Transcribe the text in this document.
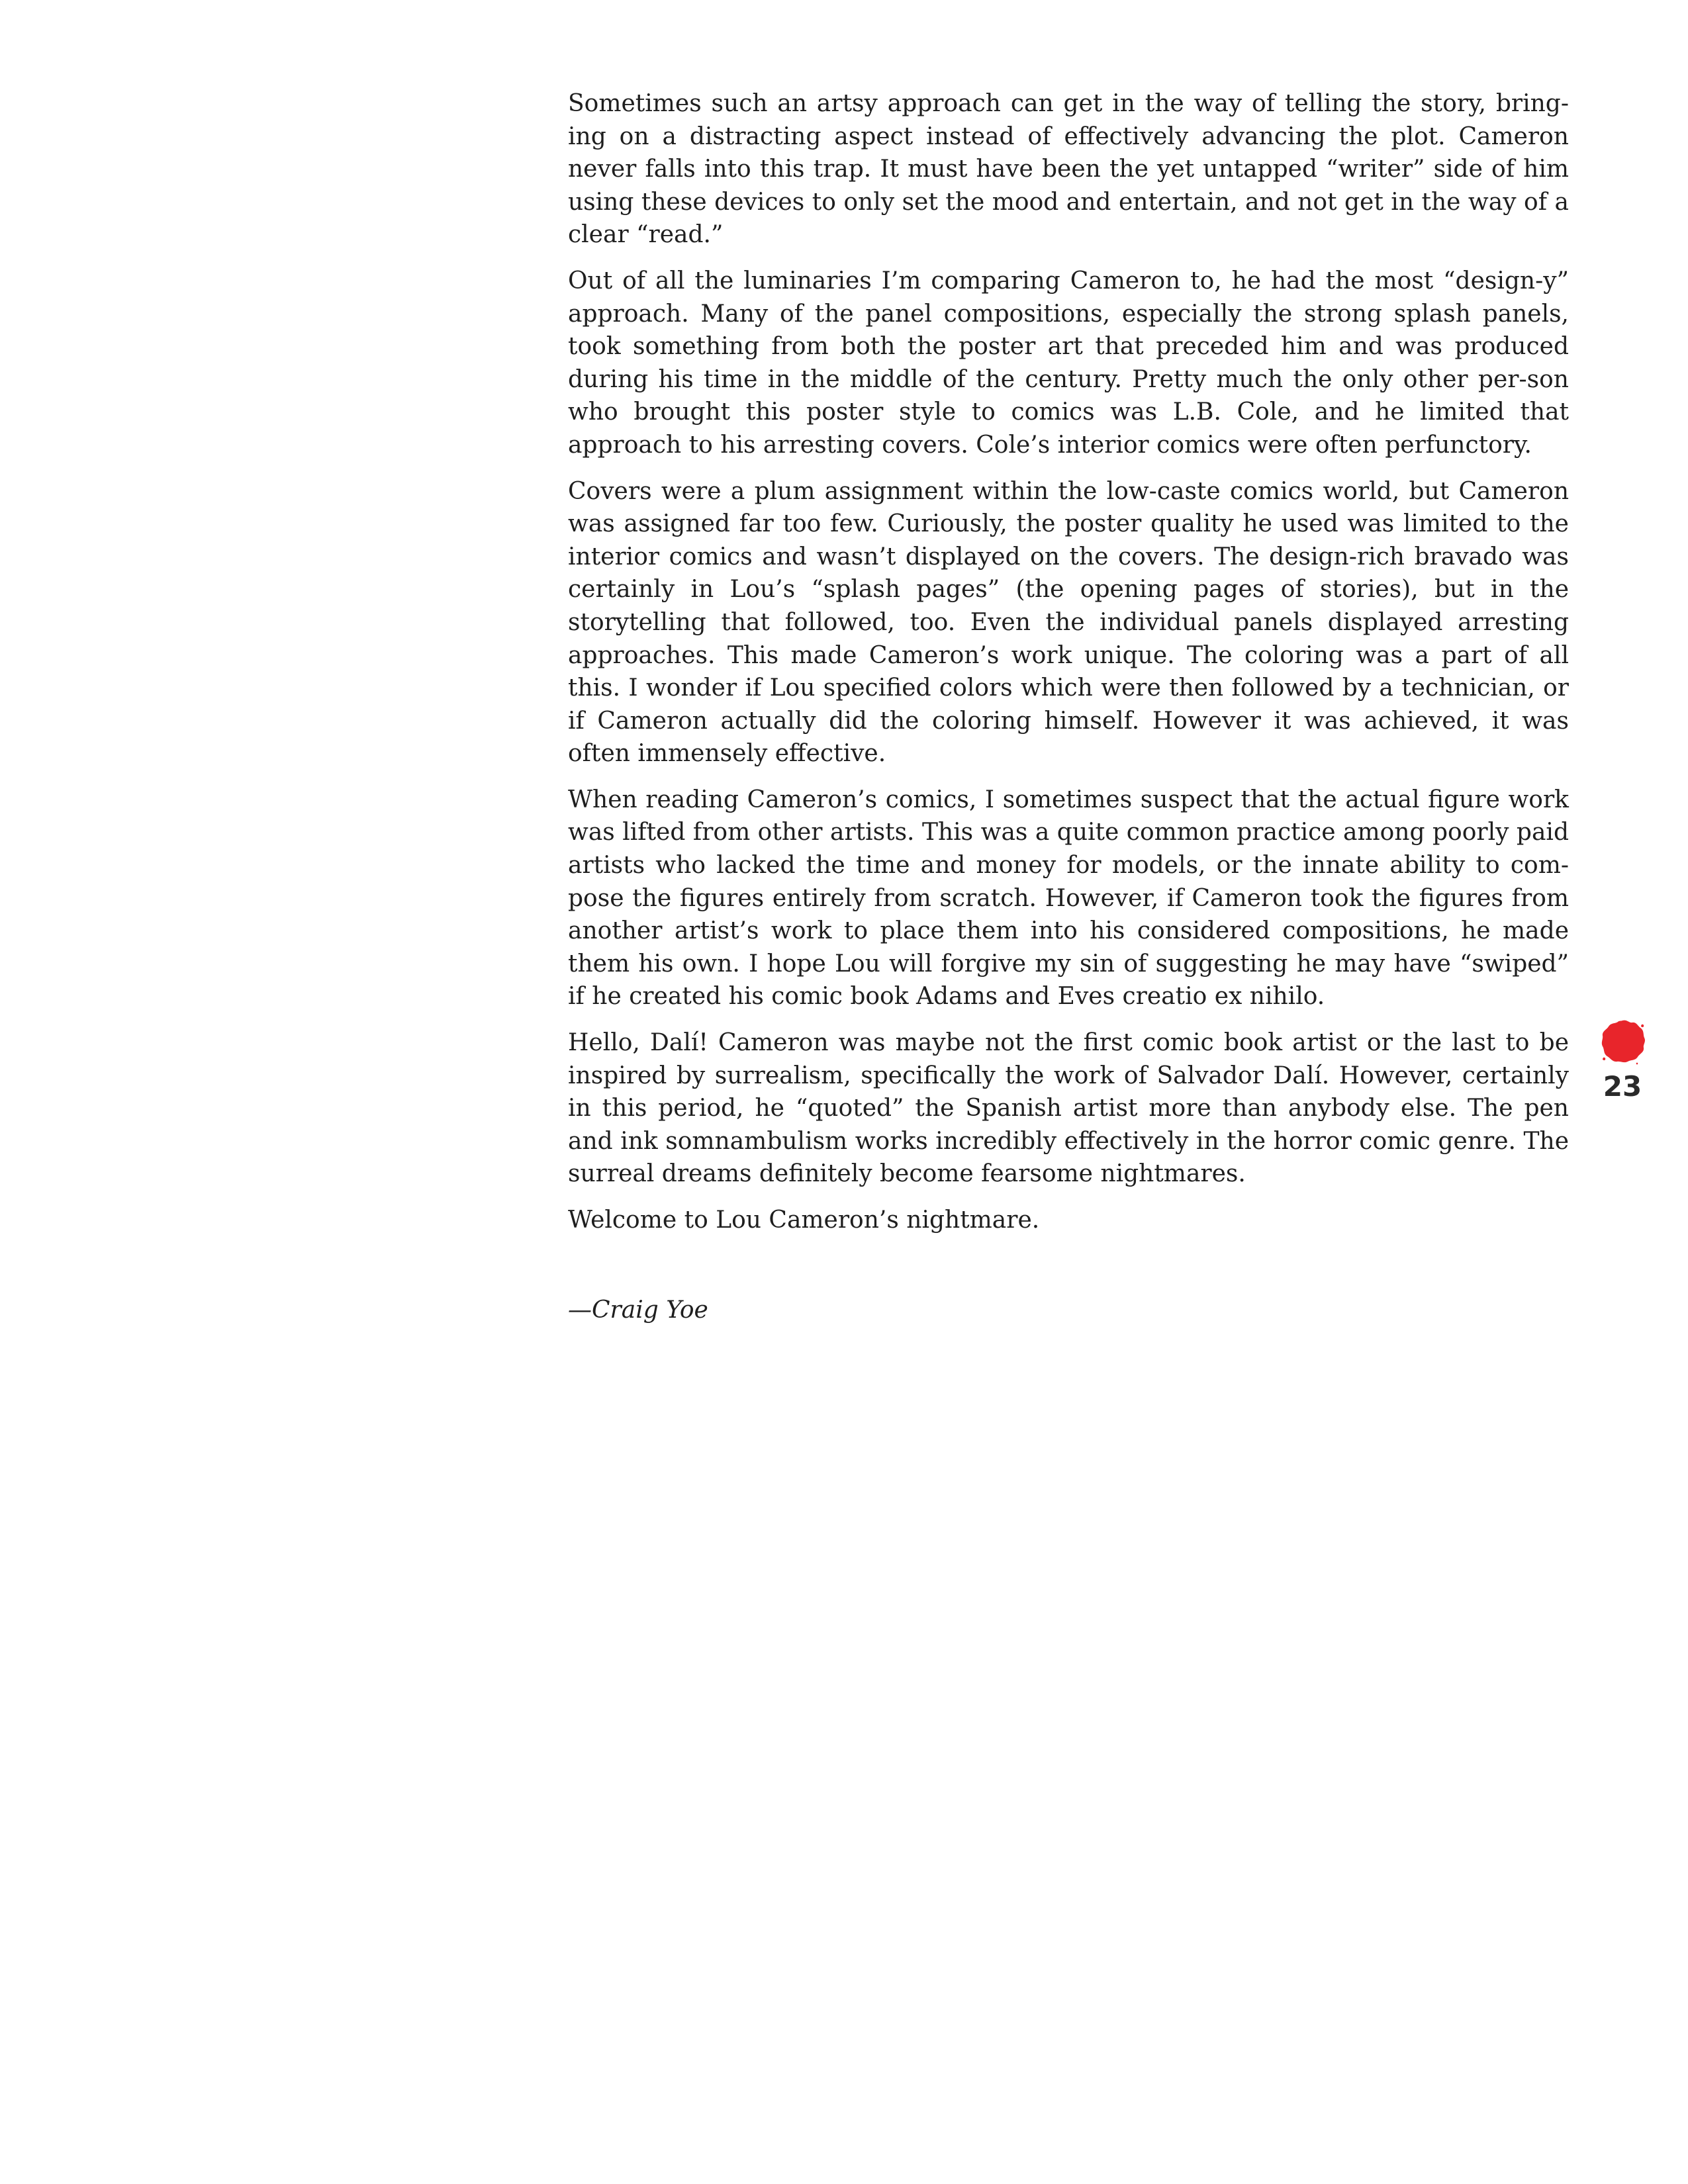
Sometimes such an artsy approach can get in the way of telling the story, bring-ing on a distracting aspect instead of effectively advancing the plot. Cameron never falls into this trap. It must have been the yet untapped “writer” side of him using these devices to only set the mood and entertain, and not get in the way of a clear “read.”

Out of all the luminaries I’m comparing Cameron to, he had the most “design-y” approach. Many of the panel compositions, especially the strong splash panels, took something from both the poster art that preceded him and was produced during his time in the middle of the century. Pretty much the only other per-son who brought this poster style to comics was L.B. Cole, and he limited that approach to his arresting covers. Cole’s interior comics were often perfunctory.

Covers were a plum assignment within the low-caste comics world, but Cameron was assigned far too few. Curiously, the poster quality he used was limited to the interior comics and wasn’t displayed on the covers. The design-rich bravado was certainly in Lou’s “splash pages” (the opening pages of stories), but in the storytelling that followed, too. Even the individual panels displayed arresting approaches. This made Cameron’s work unique. The coloring was a part of all this. I wonder if Lou specified colors which were then followed by a technician, or if Cameron actually did the coloring himself. However it was achieved, it was often immensely effective.

When reading Cameron’s comics, I sometimes suspect that the actual figure work was lifted from other artists. This was a quite common practice among poorly paid artists who lacked the time and money for models, or the innate ability to com-pose the figures entirely from scratch. However, if Cameron took the figures from another artist’s work to place them into his considered compositions, he made them his own. I hope Lou will forgive my sin of suggesting he may have “swiped” if he created his comic book Adams and Eves creatio ex nihilo.

Hello, Dalí! Cameron was maybe not the first comic book artist or the last to be inspired by surrealism, specifically the work of Salvador Dalí. However, certainly in this period, he “quoted” the Spanish artist more than anybody else. The pen and ink somnambulism works incredibly effectively in the horror comic genre. The surreal dreams definitely become fearsome nightmares.

Welcome to Lou Cameron’s nightmare.

—Craig Yoe

23
